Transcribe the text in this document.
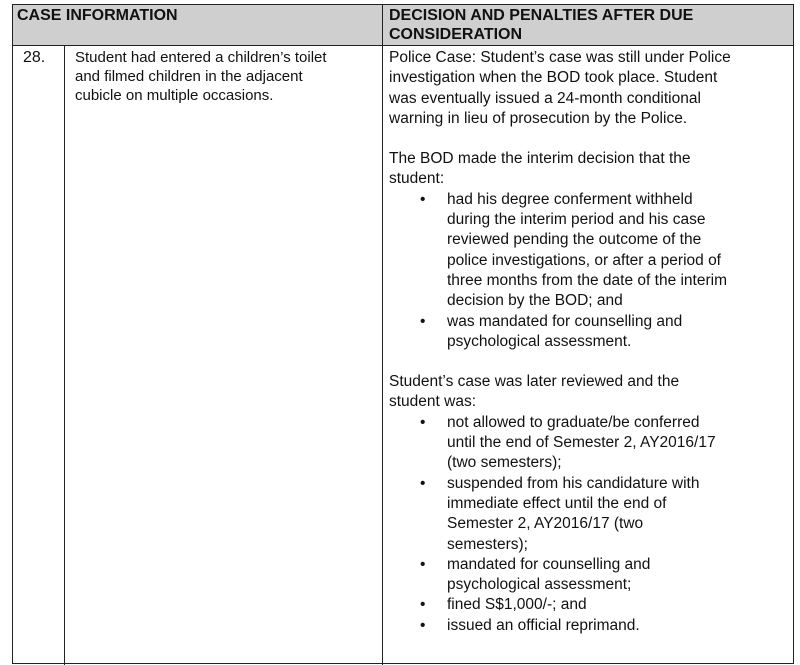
CASE INFORMATION	DECISION AND PENALTIES AFTER DUE
CONSIDERATION
28.	Student had entered a children’s toilet
and filmed children in the adjacent
cubicle on multiple occasions.
Police Case: Student’s case was still under Police
investigation when the BOD took place. Student
was eventually issued a 24-month conditional
warning in lieu of prosecution by the Police.
The BOD made the interim decision that the
student:
• had his degree conferment withheld
during the interim period and his case
reviewed pending the outcome of the
police investigations, or after a period of
three months from the date of the interim
decision by the BOD; and
• was mandated for counselling and
psychological assessment.
Student’s case was later reviewed and the
student was:
• not allowed to graduate/be conferred
until the end of Semester 2, AY2016/17
(two semesters);
• suspended from his candidature with
immediate effect until the end of
Semester 2, AY2016/17 (two
semesters);
• mandated for counselling and
psychological assessment;
• fined S$1,000/-; and
• issued an official reprimand.
